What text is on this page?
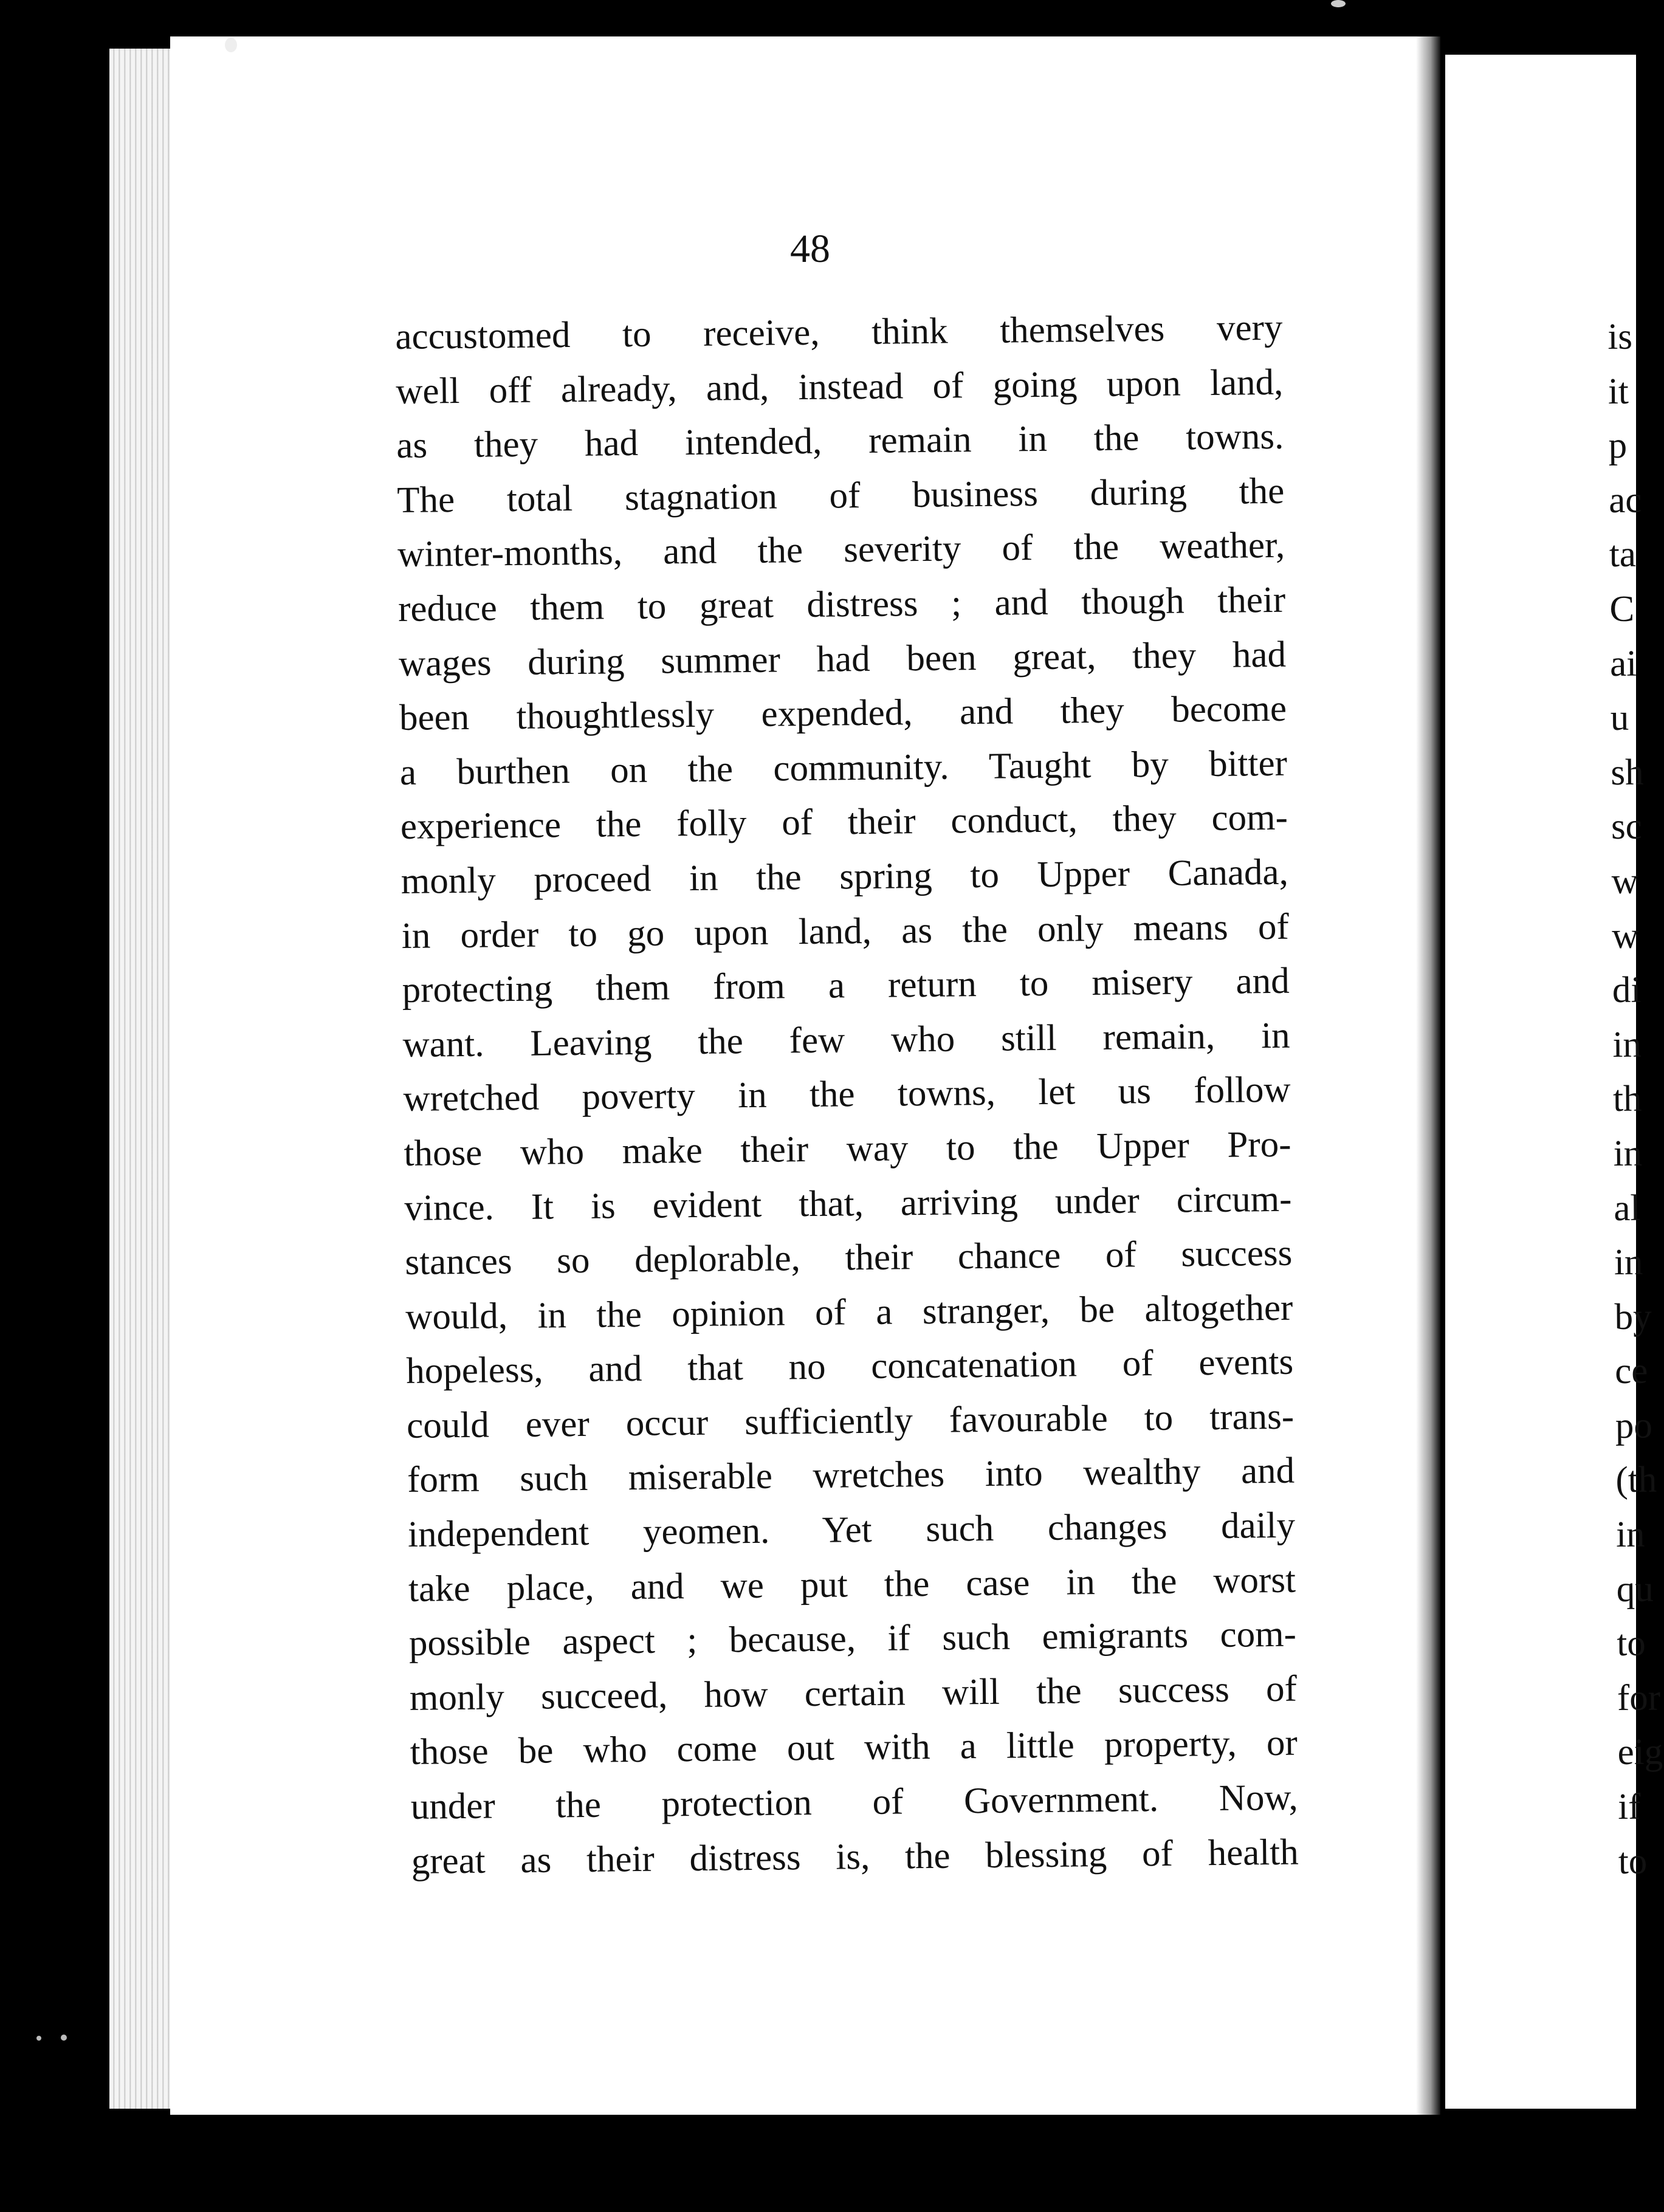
48

accustomed to receive, think themselves very
well off already, and, instead of going upon land,
as they had intended, remain in the towns.
The total stagnation of business during the
winter-months, and the severity of the weather,
reduce them to great distress ; and though their
wages during summer had been great, they had
been thoughtlessly expended, and they become
a burthen on the community. Taught by bitter
experience the folly of their conduct, they com-
monly proceed in the spring to Upper Canada,
in order to go upon land, as the only means of
protecting them from a return to misery and
want. Leaving the few who still remain, in
wretched poverty in the towns, let us follow
those who make their way to the Upper Pro-
vince. It is evident that, arriving under circum-
stances so deplorable, their chance of success
would, in the opinion of a stranger, be altogether
hopeless, and that no concatenation of events
could ever occur sufficiently favourable to trans-
form such miserable wretches into wealthy and
independent yeomen. Yet such changes daily
take place, and we put the case in the worst
possible aspect ; because, if such emigrants com-
monly succeed, how certain will the success of
those be who come out with a little property, or
under the protection of Government. Now,
great as their distress is, the blessing of health
is
it
p
ac
ta
C
ai
u
sh
sc
w
w
di
in
th
in
al
in
by
ce
po
(th
in
qu
to
for
eig
if
to
